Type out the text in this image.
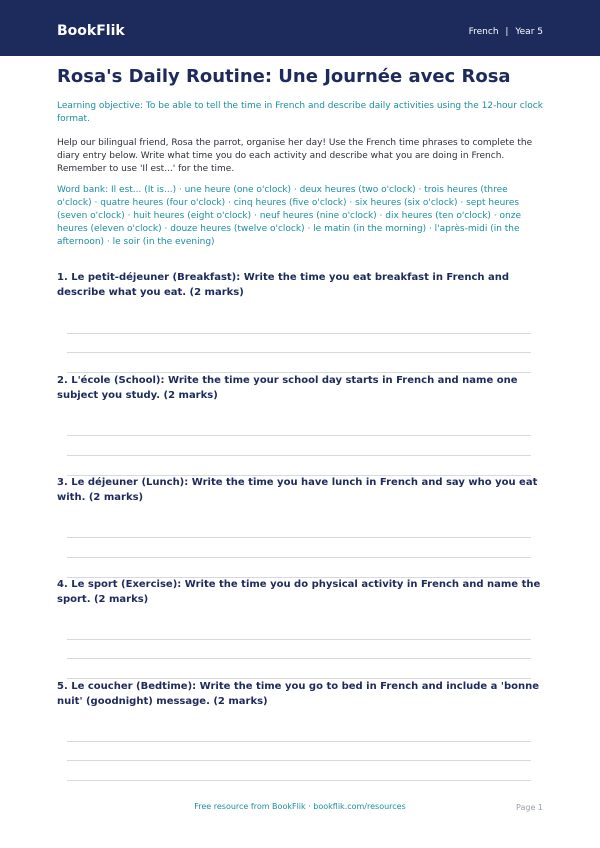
BookFlik	French | Year 5
Rosa's Daily Routine: Une Journée avec Rosa

Learning objective: To be able to tell the time in French and describe daily activities using the 12-hour clock format.

Help our bilingual friend, Rosa the parrot, organise her day! Use the French time phrases to complete the diary entry below. Write what time you do each activity and describe what you are doing in French. Remember to use 'Il est...' for the time.

Word bank: Il est... (It is...) · une heure (one o'clock) · deux heures (two o'clock) · trois heures (three o'clock) · quatre heures (four o'clock) · cinq heures (five o'clock) · six heures (six o'clock) · sept heures (seven o'clock) · huit heures (eight o'clock) · neuf heures (nine o'clock) · dix heures (ten o'clock) · onze heures (eleven o'clock) · douze heures (twelve o'clock) · le matin (in the morning) · l'après-midi (in the afternoon) · le soir (in the evening)

1. Le petit-déjeuner (Breakfast): Write the time you eat breakfast in French and describe what you eat. (2 marks)
2. L'école (School): Write the time your school day starts in French and name one subject you study. (2 marks)
3. Le déjeuner (Lunch): Write the time you have lunch in French and say who you eat with. (2 marks)
4. Le sport (Exercise): Write the time you do physical activity in French and name the sport. (2 marks)
5. Le coucher (Bedtime): Write the time you go to bed in French and include a 'bonne nuit' (goodnight) message. (2 marks)
Free resource from BookFlik · bookflik.com/resources	Page 1
